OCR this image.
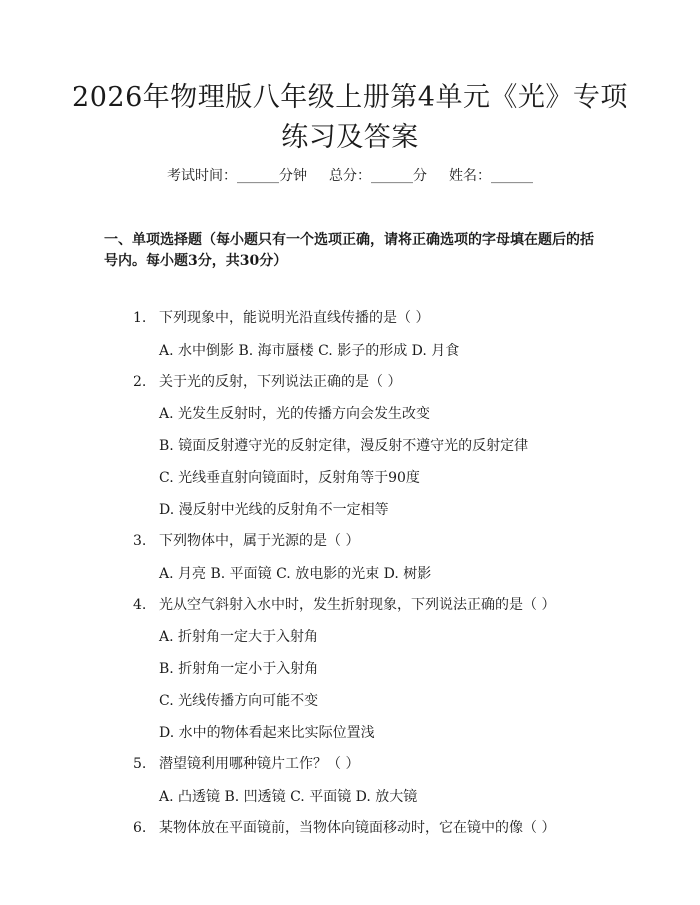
2026年物理版八年级上册第4单元《光》专项练习及答案
考试时间：______分钟 总分：______分 姓名：______
一、单项选择题（每小题只有一个选项正确，请将正确选项的字母填在题后的括号内。每小题3分，共30分）
1. 下列现象中，能说明光沿直线传播的是（ ）
A. 水中倒影 B. 海市蜃楼 C. 影子的形成 D. 月食
2. 关于光的反射，下列说法正确的是（ ）
A. 光发生反射时，光的传播方向会发生改变
B. 镜面反射遵守光的反射定律，漫反射不遵守光的反射定律
C. 光线垂直射向镜面时，反射角等于90度
D. 漫反射中光线的反射角不一定相等
3. 下列物体中，属于光源的是（ ）
A. 月亮 B. 平面镜 C. 放电影的光束 D. 树影
4. 光从空气斜射入水中时，发生折射现象，下列说法正确的是（ ）
A. 折射角一定大于入射角
B. 折射角一定小于入射角
C. 光线传播方向可能不变
D. 水中的物体看起来比实际位置浅
5. 潜望镜利用哪种镜片工作？（ ）
A. 凸透镜 B. 凹透镜 C. 平面镜 D. 放大镜
6. 某物体放在平面镜前，当物体向镜面移动时，它在镜中的像（ ）
